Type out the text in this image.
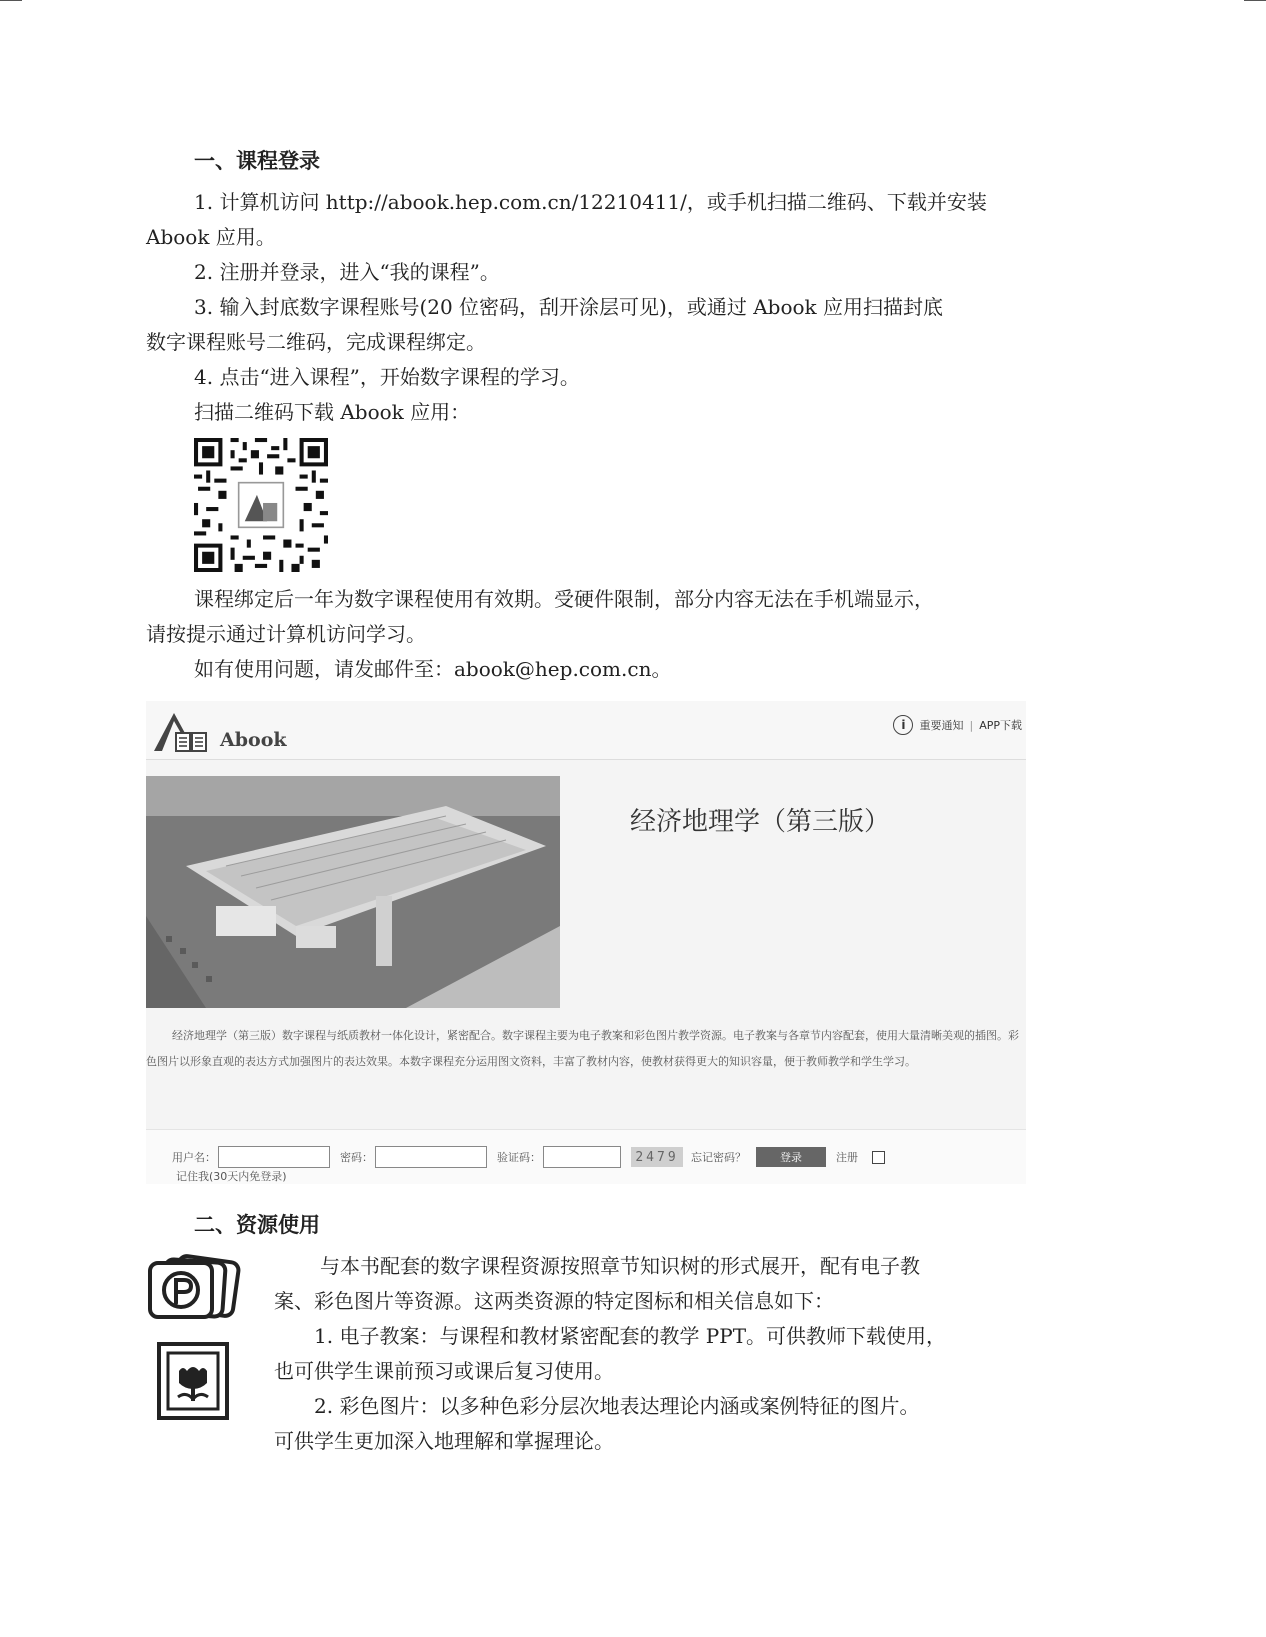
一、课程登录

1. 计算机访问 http://abook.hep.com.cn/12210411/，或手机扫描二维码、下载并安装

Abook 应用。

2. 注册并登录，进入“我的课程”。

3. 输入封底数字课程账号(20 位密码，刮开涂层可见)，或通过 Abook 应用扫描封底

数字课程账号二维码，完成课程绑定。

4. 点击“进入课程”，开始数字课程的学习。

扫描二维码下载 Abook 应用：

课程绑定后一年为数字课程使用有效期。受硬件限制，部分内容无法在手机端显示，

请按提示通过计算机访问学习。

如有使用问题，请发邮件至：abook@hep.com.cn。

Abook
i	重要通知 | APP下载
经济地理学（第三版）
经济地理学（第三版）数字课程与纸质教材一体化设计，紧密配合。数字课程主要为电子教案和彩色图片教学资源。电子教案与各章节内容配套，使用大量清晰美观的插图。彩色图片以形象直观的表达方式加强图片的表达效果。本数字课程充分运用图文资料，丰富了教材内容，使教材获得更大的知识容量，便于教师教学和学生学习。
用户名：	密码：	验证码：	2479	忘记密码？	登录	注册
记住我(30天内免登录)
二、资源使用

与本书配套的数字课程资源按照章节知识树的形式展开，配有电子教

案、彩色图片等资源。这两类资源的特定图标和相关信息如下：

1. 电子教案：与课程和教材紧密配套的教学 PPT。可供教师下载使用，

也可供学生课前预习或课后复习使用。

2. 彩色图片：以多种色彩分层次地表达理论内涵或案例特征的图片。

可供学生更加深入地理解和掌握理论。
